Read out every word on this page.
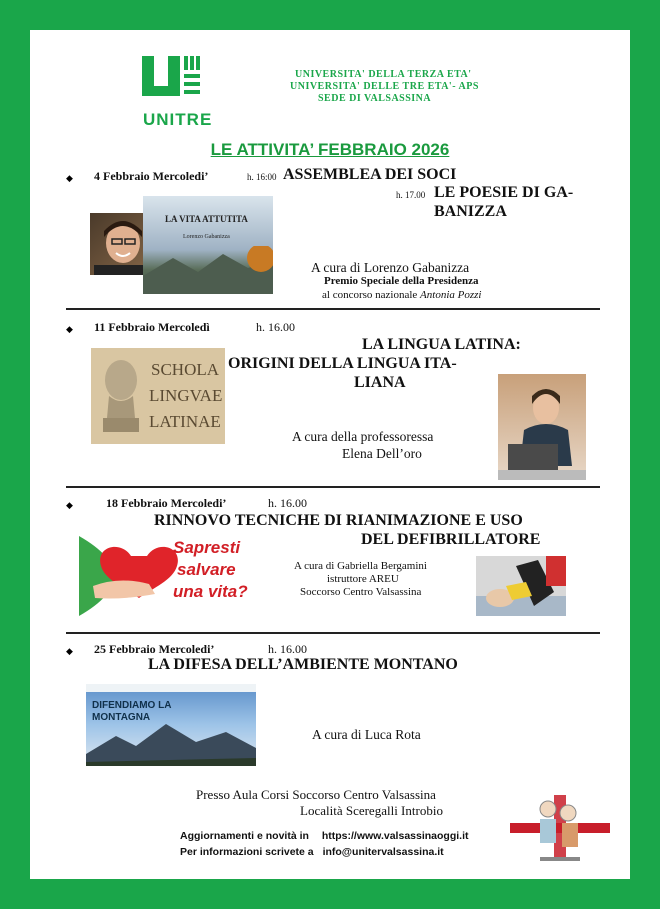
UNITRE
UNIVERSITA' DELLA TERZA ETA'
UNIVERSITA' DELLE TRE ETA'- APS
SEDE DI VALSASSINA
LE ATTIVITA’ FEBBRAIO 2026
◆ 4 Febbraio Mercoledi’	h. 16:00 ASSEMBLEA DEI SOCI
h. 17.00 LE POESIE DI GA-
BANIZZA
LA VITA ATTUTITA
Lorenzo Gabanizza
A cura di Lorenzo Gabanizza
Premio Speciale della Presidenza
al concorso nazionale Antonia Pozzi
◆ 11 Febbraio Mercoledì	h. 16.00
LA LINGUA LATINA:
ORIGINI DELLA LINGUA ITA-
LIANA
SCHOLA
LINGVAE
LATINAE
A cura della professoressa
Elena Dell’oro
◆	18 Febbraio Mercoledi’	h. 16.00
RINNOVO TECNICHE DI RIANIMAZIONE E USO
DEL DEFIBRILLATORE
Sapresti
salvare
una vita?
A cura di Gabriella Bergamini
istruttore AREU
Soccorso Centro Valsassina
◆ 25 Febbraio Mercoledi’	h. 16.00
LA DIFESA DELL’AMBIENTE MONTANO
DIFENDIAMO LA
MONTAGNA
A cura di Luca Rota
Presso Aula Corsi Soccorso Centro Valsassina
Località Sceregalli Introbio
Aggiornamenti e novità in https://www.valsassinaoggi.it
Per informazioni scrivete a info@unitervalsassina.it
